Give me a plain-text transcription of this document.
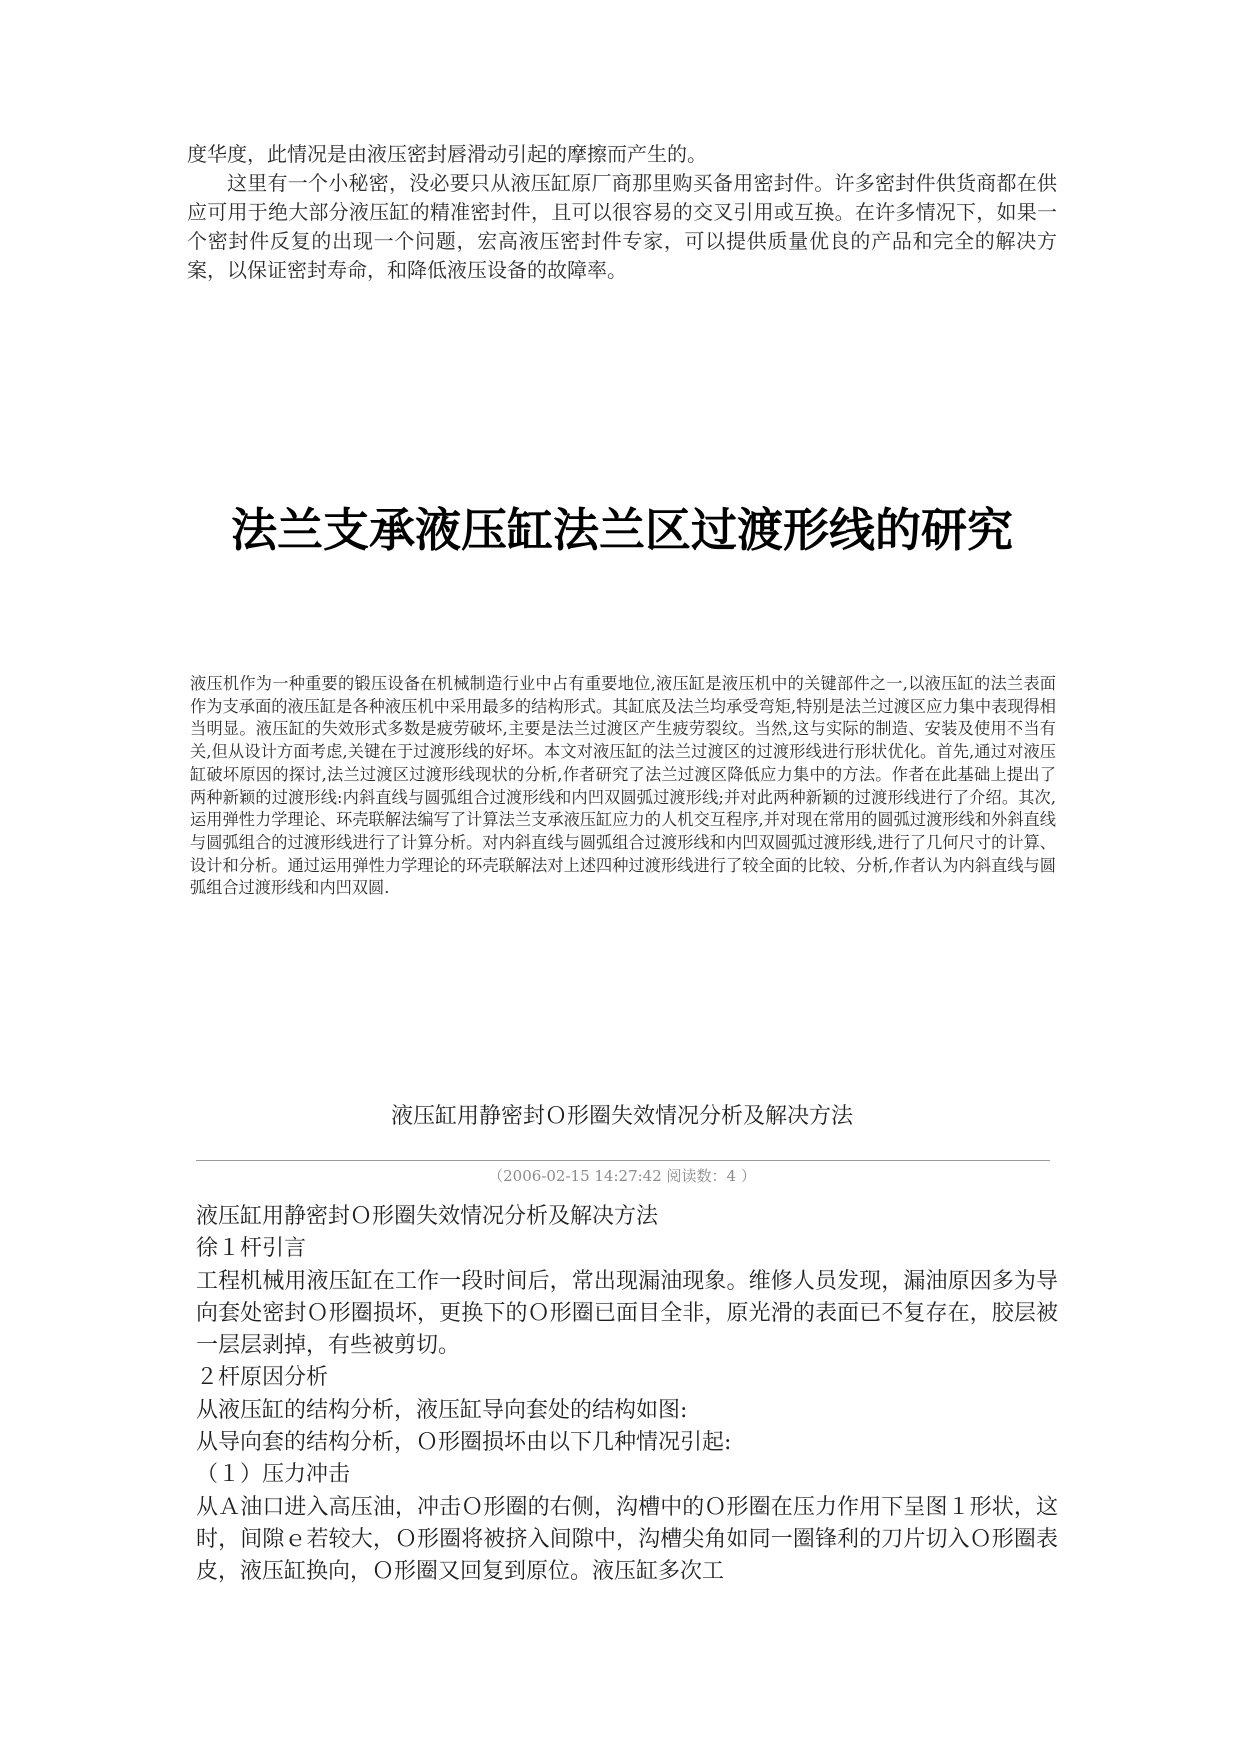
度华度，此情况是由液压密封唇滑动引起的摩擦而产生的。

这里有一个小秘密，没必要只从液压缸原厂商那里购买备用密封件。许多密封件供货商都在供应可用于绝大部分液压缸的精准密封件，且可以很容易的交叉引用或互换。在许多情况下，如果一个密封件反复的出现一个问题，宏高液压密封件专家，可以提供质量优良的产品和完全的解决方案，以保证密封寿命，和降低液压设备的故障率。

法兰支承液压缸法兰区过渡形线的研究

液压机作为一种重要的锻压设备在机械制造行业中占有重要地位,液压缸是液压机中的关键部件之一,以液压缸的法兰表面作为支承面的液压缸是各种液压机中采用最多的结构形式。其缸底及法兰均承受弯矩,特别是法兰过渡区应力集中表现得相当明显。液压缸的失效形式多数是疲劳破坏,主要是法兰过渡区产生疲劳裂纹。当然,这与实际的制造、安装及使用不当有关,但从设计方面考虑,关键在于过渡形线的好坏。本文对液压缸的法兰过渡区的过渡形线进行形状优化。首先,通过对液压缸破坏原因的探讨,法兰过渡区过渡形线现状的分析,作者研究了法兰过渡区降低应力集中的方法。作者在此基础上提出了两种新颖的过渡形线:内斜直线与圆弧组合过渡形线和内凹双圆弧过渡形线;并对此两种新颖的过渡形线进行了介绍。其次,运用弹性力学理论、环壳联解法编写了计算法兰支承液压缸应力的人机交互程序,并对现在常用的圆弧过渡形线和外斜直线与圆弧组合的过渡形线进行了计算分析。对内斜直线与圆弧组合过渡形线和内凹双圆弧过渡形线,进行了几何尺寸的计算、设计和分析。通过运用弹性力学理论的环壳联解法对上述四种过渡形线进行了较全面的比较、分析,作者认为内斜直线与圆弧组合过渡形线和内凹双圆.

液压缸用静密封Ｏ形圈失效情况分析及解决方法
（2006-02-15 14:27:42 阅读数：4 ）

液压缸用静密封Ｏ形圈失效情况分析及解决方法

徐１杆引言

工程机械用液压缸在工作一段时间后，常出现漏油现象。维修人员发现，漏油原因多为导向套处密封Ｏ形圈损坏，更换下的Ｏ形圈已面目全非，原光滑的表面已不复存在，胶层被一层层剥掉，有些被剪切。

２杆原因分析

从液压缸的结构分析，液压缸导向套处的结构如图:

从导向套的结构分析，Ｏ形圈损坏由以下几种情况引起:

（１）压力冲击

从Ａ油口进入高压油，冲击Ｏ形圈的右侧，沟槽中的Ｏ形圈在压力作用下呈图１形状，这时，间隙ｅ若较大，Ｏ形圈将被挤入间隙中，沟槽尖角如同一圈锋利的刀片切入Ｏ形圈表皮，液压缸换向，Ｏ形圈又回复到原位。液压缸多次工
